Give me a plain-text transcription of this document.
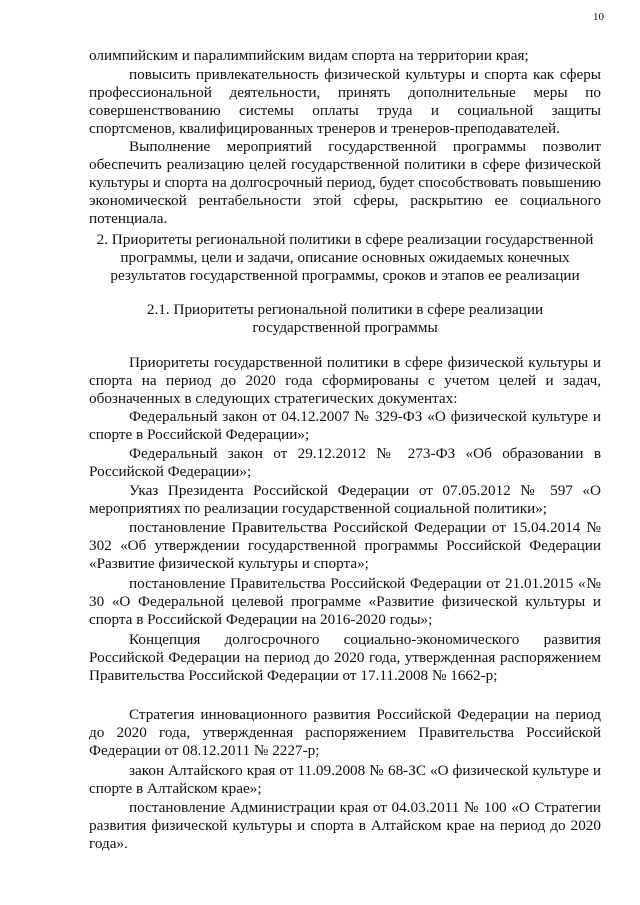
10

олимпийским и паралимпийским видам спорта на территории края;

повысить привлекательность физической культуры и спорта как сферы профессиональной деятельности, принять дополнительные меры по совершенствованию системы оплаты труда и социальной защиты спортсменов, квалифицированных тренеров и тренеров-преподавателей.

Выполнение мероприятий государственной программы позволит обеспечить реализацию целей государственной политики в сфере физической культуры и спорта на долгосрочный период, будет способствовать повышению экономической рентабельности этой сферы, раскрытию ее социального потенциала.

2. Приоритеты региональной политики в сфере реализации государственной программы, цели и задачи, описание основных ожидаемых конечных результатов государственной программы, сроков и этапов ее реализации
2.1. Приоритеты региональной политики в сфере реализации государственной программы

Приоритеты государственной политики в сфере физической культуры и спорта на период до 2020 года сформированы с учетом целей и задач, обозначенных в следующих стратегических документах:

Федеральный закон от 04.12.2007 № 329-ФЗ «О физической культуре и спорте в Российской Федерации»;

Федеральный закон от 29.12.2012 № 273-ФЗ «Об образовании в Российской Федерации»;

Указ Президента Российской Федерации от 07.05.2012 № 597 «О мероприятиях по реализации государственной социальной политики»;

постановление Правительства Российской Федерации от 15.04.2014 № 302 «Об утверждении государственной программы Российской Федерации «Развитие физической культуры и спорта»;

постановление Правительства Российской Федерации от 21.01.2015 «№ 30 «О Федеральной целевой программе «Развитие физической культуры и спорта в Российской Федерации на 2016-2020 годы»;

Концепция долгосрочного социально-экономического развития Российской Федерации на период до 2020 года, утвержденная распоряжением Правительства Российской Федерации от 17.11.2008 № 1662-р;

Стратегия инновационного развития Российской Федерации на период до 2020 года, утвержденная распоряжением Правительства Российской Федерации от 08.12.2011 № 2227-р;

закон Алтайского края от 11.09.2008 № 68-ЗС «О физической культуре и спорте в Алтайском крае»;

постановление Администрации края от 04.03.2011 № 100 «О Стратегии развития физической культуры и спорта в Алтайском крае на период до 2020 года».
